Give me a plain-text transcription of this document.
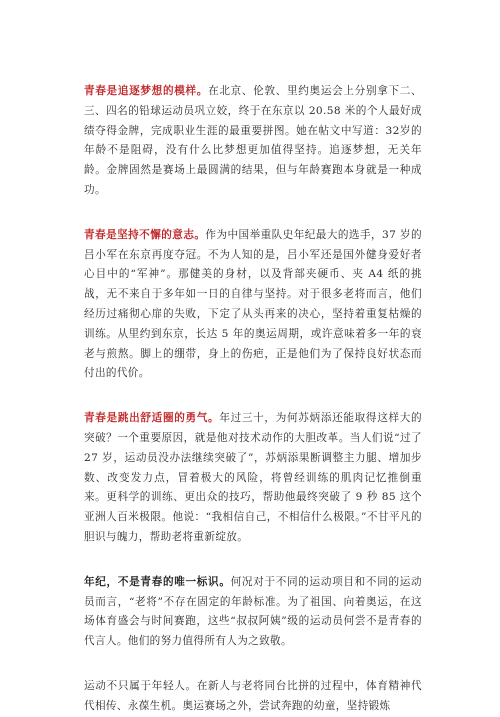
青春是追逐梦想的模样。在北京、伦敦、里约奥运会上分别拿下二、三、四名的铅球运动员巩立姣，终于在东京以 20.58 米的个人最好成绩夺得金牌，完成职业生涯的最重要拼图。她在帖文中写道：32岁的年龄不是阻碍，没有什么比梦想更加值得坚持。追逐梦想，无关年龄。金牌固然是赛场上最圆满的结果，但与年龄赛跑本身就是一种成功。

青春是坚持不懈的意志。作为中国举重队史年纪最大的选手，37 岁的吕小军在东京再度夺冠。不为人知的是，吕小军还是国外健身爱好者心目中的“军神”。那健美的身材，以及背部夹硬币、夹 A4 纸的挑战，无不来自于多年如一日的自律与坚持。对于很多老将而言，他们经历过痛彻心扉的失败，下定了从头再来的决心，坚持着重复枯燥的训练。从里约到东京，长达 5 年的奥运周期，或许意味着多一年的衰老与煎熬。脚上的绷带，身上的伤疤，正是他们为了保持良好状态而付出的代价。

青春是跳出舒适圈的勇气。年过三十，为何苏炳添还能取得这样大的突破？一个重要原因，就是他对技术动作的大胆改革。当人们说“过了 27 岁，运动员没办法继续突破了”，苏炳添果断调整主力腿、增加步数、改变发力点，冒着极大的风险，将曾经训练的肌肉记忆推倒重来。更科学的训练、更出众的技巧，帮助他最终突破了 9 秒 85 这个亚洲人百米极限。他说：“我相信自己，不相信什么极限。”不甘平凡的胆识与魄力，帮助老将重新绽放。

年纪，不是青春的唯一标识。何况对于不同的运动项目和不同的运动员而言，“老将”不存在固定的年龄标准。为了祖国、向着奥运，在这场体育盛会与时间赛跑，这些“叔叔阿姨”级的运动员何尝不是青春的代言人。他们的努力值得所有人为之致敬。

运动不只属于年轻人。在新人与老将同台比拼的过程中，体育精神代代相传、永葆生机。奥运赛场之外，尝试奔跑的幼童，坚持锻炼
